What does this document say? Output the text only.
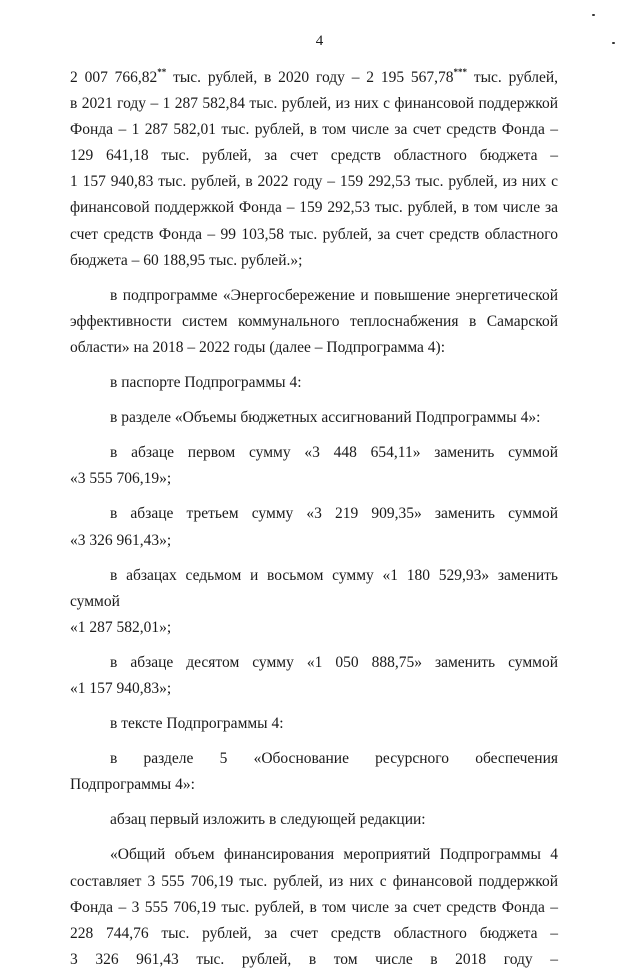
4

2 007 766,82** тыс. рублей, в 2020 году – 2 195 567,78*** тыс. рублей,

в 2021 году – 1 287 582,84 тыс. рублей, из них с финансовой поддержкой

Фонда – 1 287 582,01 тыс. рублей, в том числе за счет средств Фонда –

129 641,18 тыс. рублей, за счет средств областного бюджета –

1 157 940,83 тыс. рублей, в 2022 году – 159 292,53 тыс. рублей, из них с

финансовой поддержкой Фонда – 159 292,53 тыс. рублей, в том числе за

счет средств Фонда – 99 103,58 тыс. рублей, за счет средств областного

бюджета – 60 188,95 тыс. рублей.»;

в подпрограмме «Энергосбережение и повышение энергетической

эффективности систем коммунального теплоснабжения в Самарской

области» на 2018 – 2022 годы (далее – Подпрограмма 4):

в паспорте Подпрограммы 4:

в разделе «Объемы бюджетных ассигнований Подпрограммы 4»:

в абзаце первом сумму «3 448 654,11» заменить суммой

«3 555 706,19»;

в абзаце третьем сумму «3 219 909,35» заменить суммой

«3 326 961,43»;

в абзацах седьмом и восьмом сумму «1 180 529,93» заменить суммой

«1 287 582,01»;

в абзаце десятом сумму «1 050 888,75» заменить суммой

«1 157 940,83»;

в тексте Подпрограммы 4:

в разделе 5 «Обоснование ресурсного обеспечения

Подпрограммы 4»:

абзац первый изложить в следующей редакции:

«Общий объем финансирования мероприятий Подпрограммы 4

составляет 3 555 706,19 тыс. рублей, из них с финансовой поддержкой

Фонда – 3 555 706,19 тыс. рублей, в том числе за счет средств Фонда –

228 744,76 тыс. рублей, за счет средств областного бюджета –

3 326 961,43 тыс. рублей, в том числе в 2018 году –
